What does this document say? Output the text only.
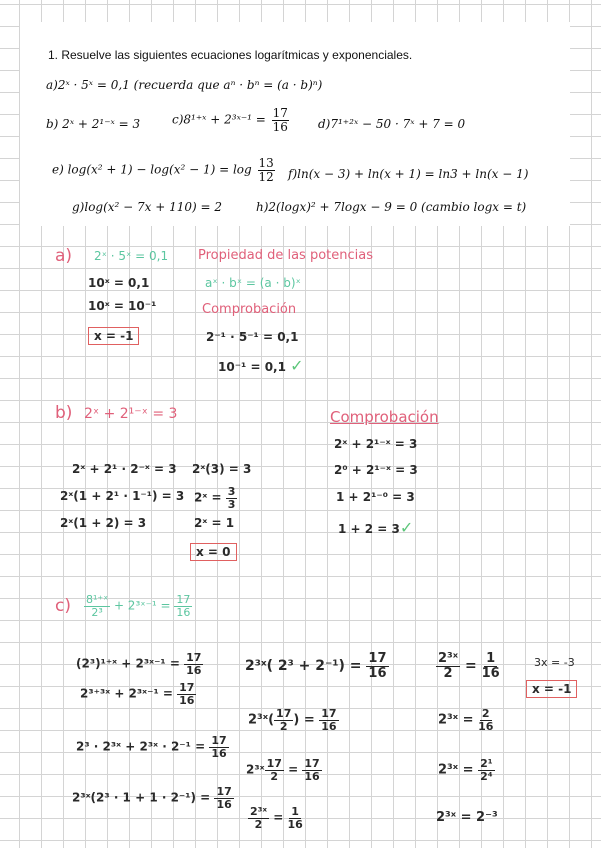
1. Resuelve las siguientes ecuaciones logarítmicas y exponenciales.
a)2ˣ · 5ˣ = 0,1 (recuerda que aⁿ · bⁿ = (a · b)ⁿ)
b) 2ˣ + 2¹⁻ˣ = 3	c)8¹⁺ˣ + 2³ˣ⁻¹ = $\frac{17}{16}$ d)7¹⁺²ˣ − 50 · 7ˣ + 7 = 0
e) $\log(x^2 + 1) - \log(x^2 - 1) = \log \frac{13}{12} f)\ln(x - 3) + \ln(x + 1) = \ln 3 + \ln(x - 1)$
g)log(x² − 7x + 110) = 2	h)2(logx)² + 7logx − 9 = 0 (cambio logx = t)
a) 2ˣ · 5ˣ = 0,1
10ˣ = 0,1
10ˣ = 10⁻¹
x = -1
Propiedad de las potencias
aˣ · bˣ = (a · b)ˣ
Comprobación
2⁻¹ · 5⁻¹ = 0,1
10⁻¹ = 0,1 ✓
b) 2ˣ + 2¹⁻ˣ = 3
2ˣ + 2¹ · 2⁻ˣ = 3
2ˣ(1 + 2¹ · 1⁻¹) = 3
2ˣ(1 + 2) = 3
2ˣ(3) = 3
2ˣ = $\frac{3}{3}$
2ˣ = 1
x = 0
Comprobación
2ˣ + 2¹⁻ˣ = 3
2⁰ + 2¹⁻ˣ = 3
1 + 2¹⁻⁰ = 3
1 + 2 = 3✓
$c) \frac{\text{8¹⁺ˣ}}{\text{2³}}$ + 2³ˣ⁻¹ = $\frac{17}{16}$
(2³)¹⁺ˣ + 2³ˣ⁻¹ = $\frac{17}{16}$
2³⁺³ˣ + 2³ˣ⁻¹ = $\frac{17}{16}$
2³ · 2³ˣ + 2³ˣ · $2^{-1} = \frac{17}{16}$
2³ˣ(2³ · $1 + 1 \cdot 2^{-1}) = \frac{17}{16}$
2³ˣ( $2^3 + 2^{-1}) = \frac{17}{16}$
2³ˣ( $\frac{17}{2}$ ) = $\frac{17}{16}$
2³ˣ $\frac{17}{2} = \frac{17}{16}$
$\frac{\text{2³ˣ}}{2} = \frac{1}{16}$
$\frac{\text{2³ˣ}}{2} = \frac{1}{16}$
2³ˣ = $\frac{2}{16}$
2³ˣ = $\frac{\text{2¹}}{\text{2⁴}}$
2³ˣ = 2⁻³
3x = -3
x = -1
